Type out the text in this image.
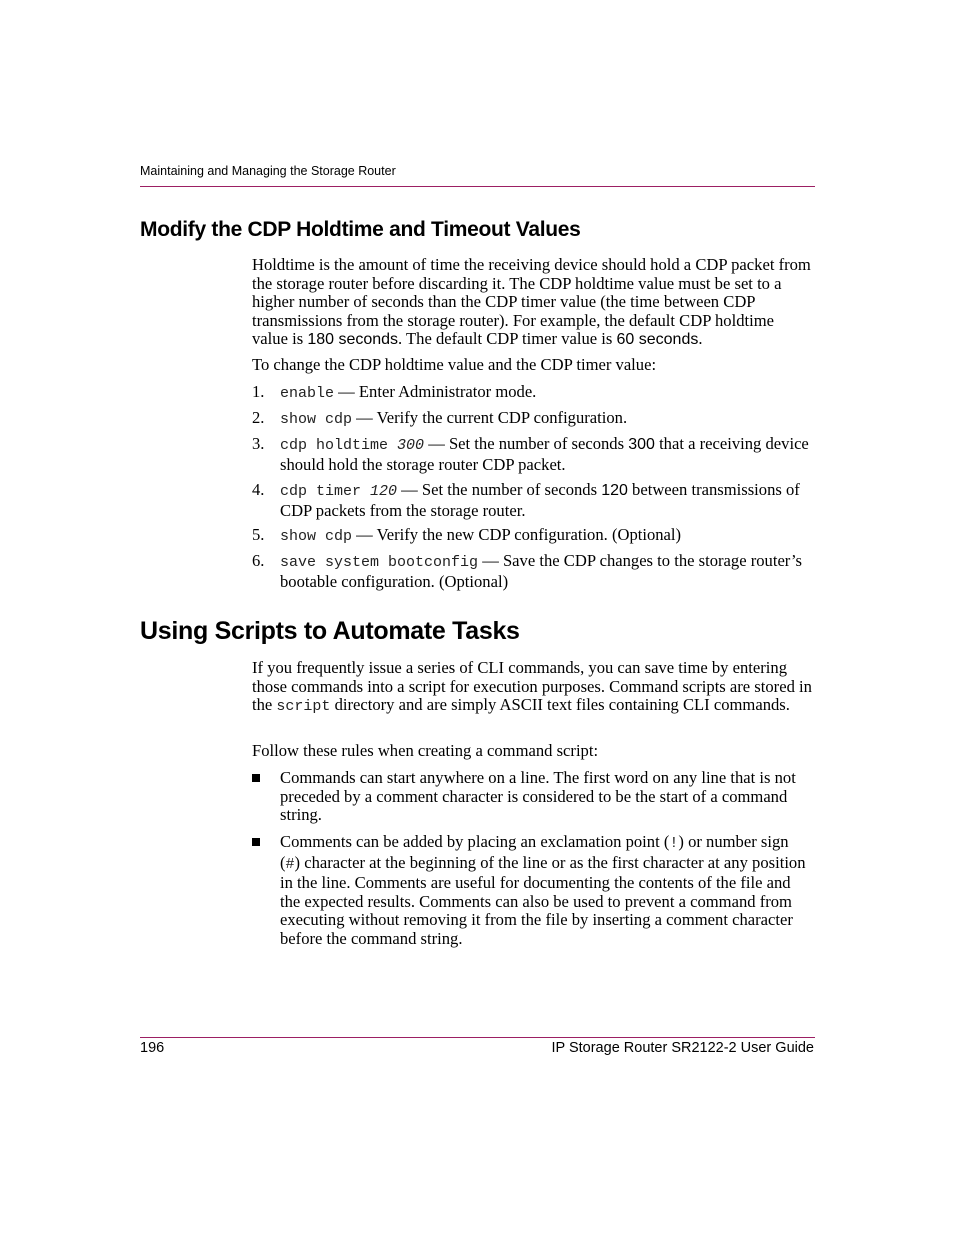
Maintaining and Managing the Storage Router
Modify the CDP Holdtime and Timeout Values

Holdtime is the amount of time the receiving device should hold a CDP packet from the storage router before discarding it. The CDP holdtime value must be set to a higher number of seconds than the CDP timer value (the time between CDP transmissions from the storage router). For example, the default CDP holdtime value is 180 seconds. The default CDP timer value is 60 seconds.

To change the CDP holdtime value and the CDP timer value:

1.	enable — Enter Administrator mode.
2.	show cdp — Verify the current CDP configuration.
3.	cdp holdtime 300 — Set the number of seconds 300 that a receiving device should hold the storage router CDP packet.
4.	cdp timer 120 — Set the number of seconds 120 between transmissions of CDP packets from the storage router.
5.	show cdp — Verify the new CDP configuration. (Optional)
6.	save system bootconfig — Save the CDP changes to the storage router’s bootable configuration. (Optional)
Using Scripts to Automate Tasks

If you frequently issue a series of CLI commands, you can save time by entering those commands into a script for execution purposes. Command scripts are stored in the script directory and are simply ASCII text files containing CLI commands.

Follow these rules when creating a command script:

Commands can start anywhere on a line. The first word on any line that is not preceded by a comment character is considered to be the start of a command string.
Comments can be added by placing an exclamation point (!) or number sign (#) character at the beginning of the line or as the first character at any position in the line. Comments are useful for documenting the contents of the file and the expected results. Comments can also be used to prevent a command from executing without removing it from the file by inserting a comment character before the command string.
196	IP Storage Router SR2122-2 User Guide
